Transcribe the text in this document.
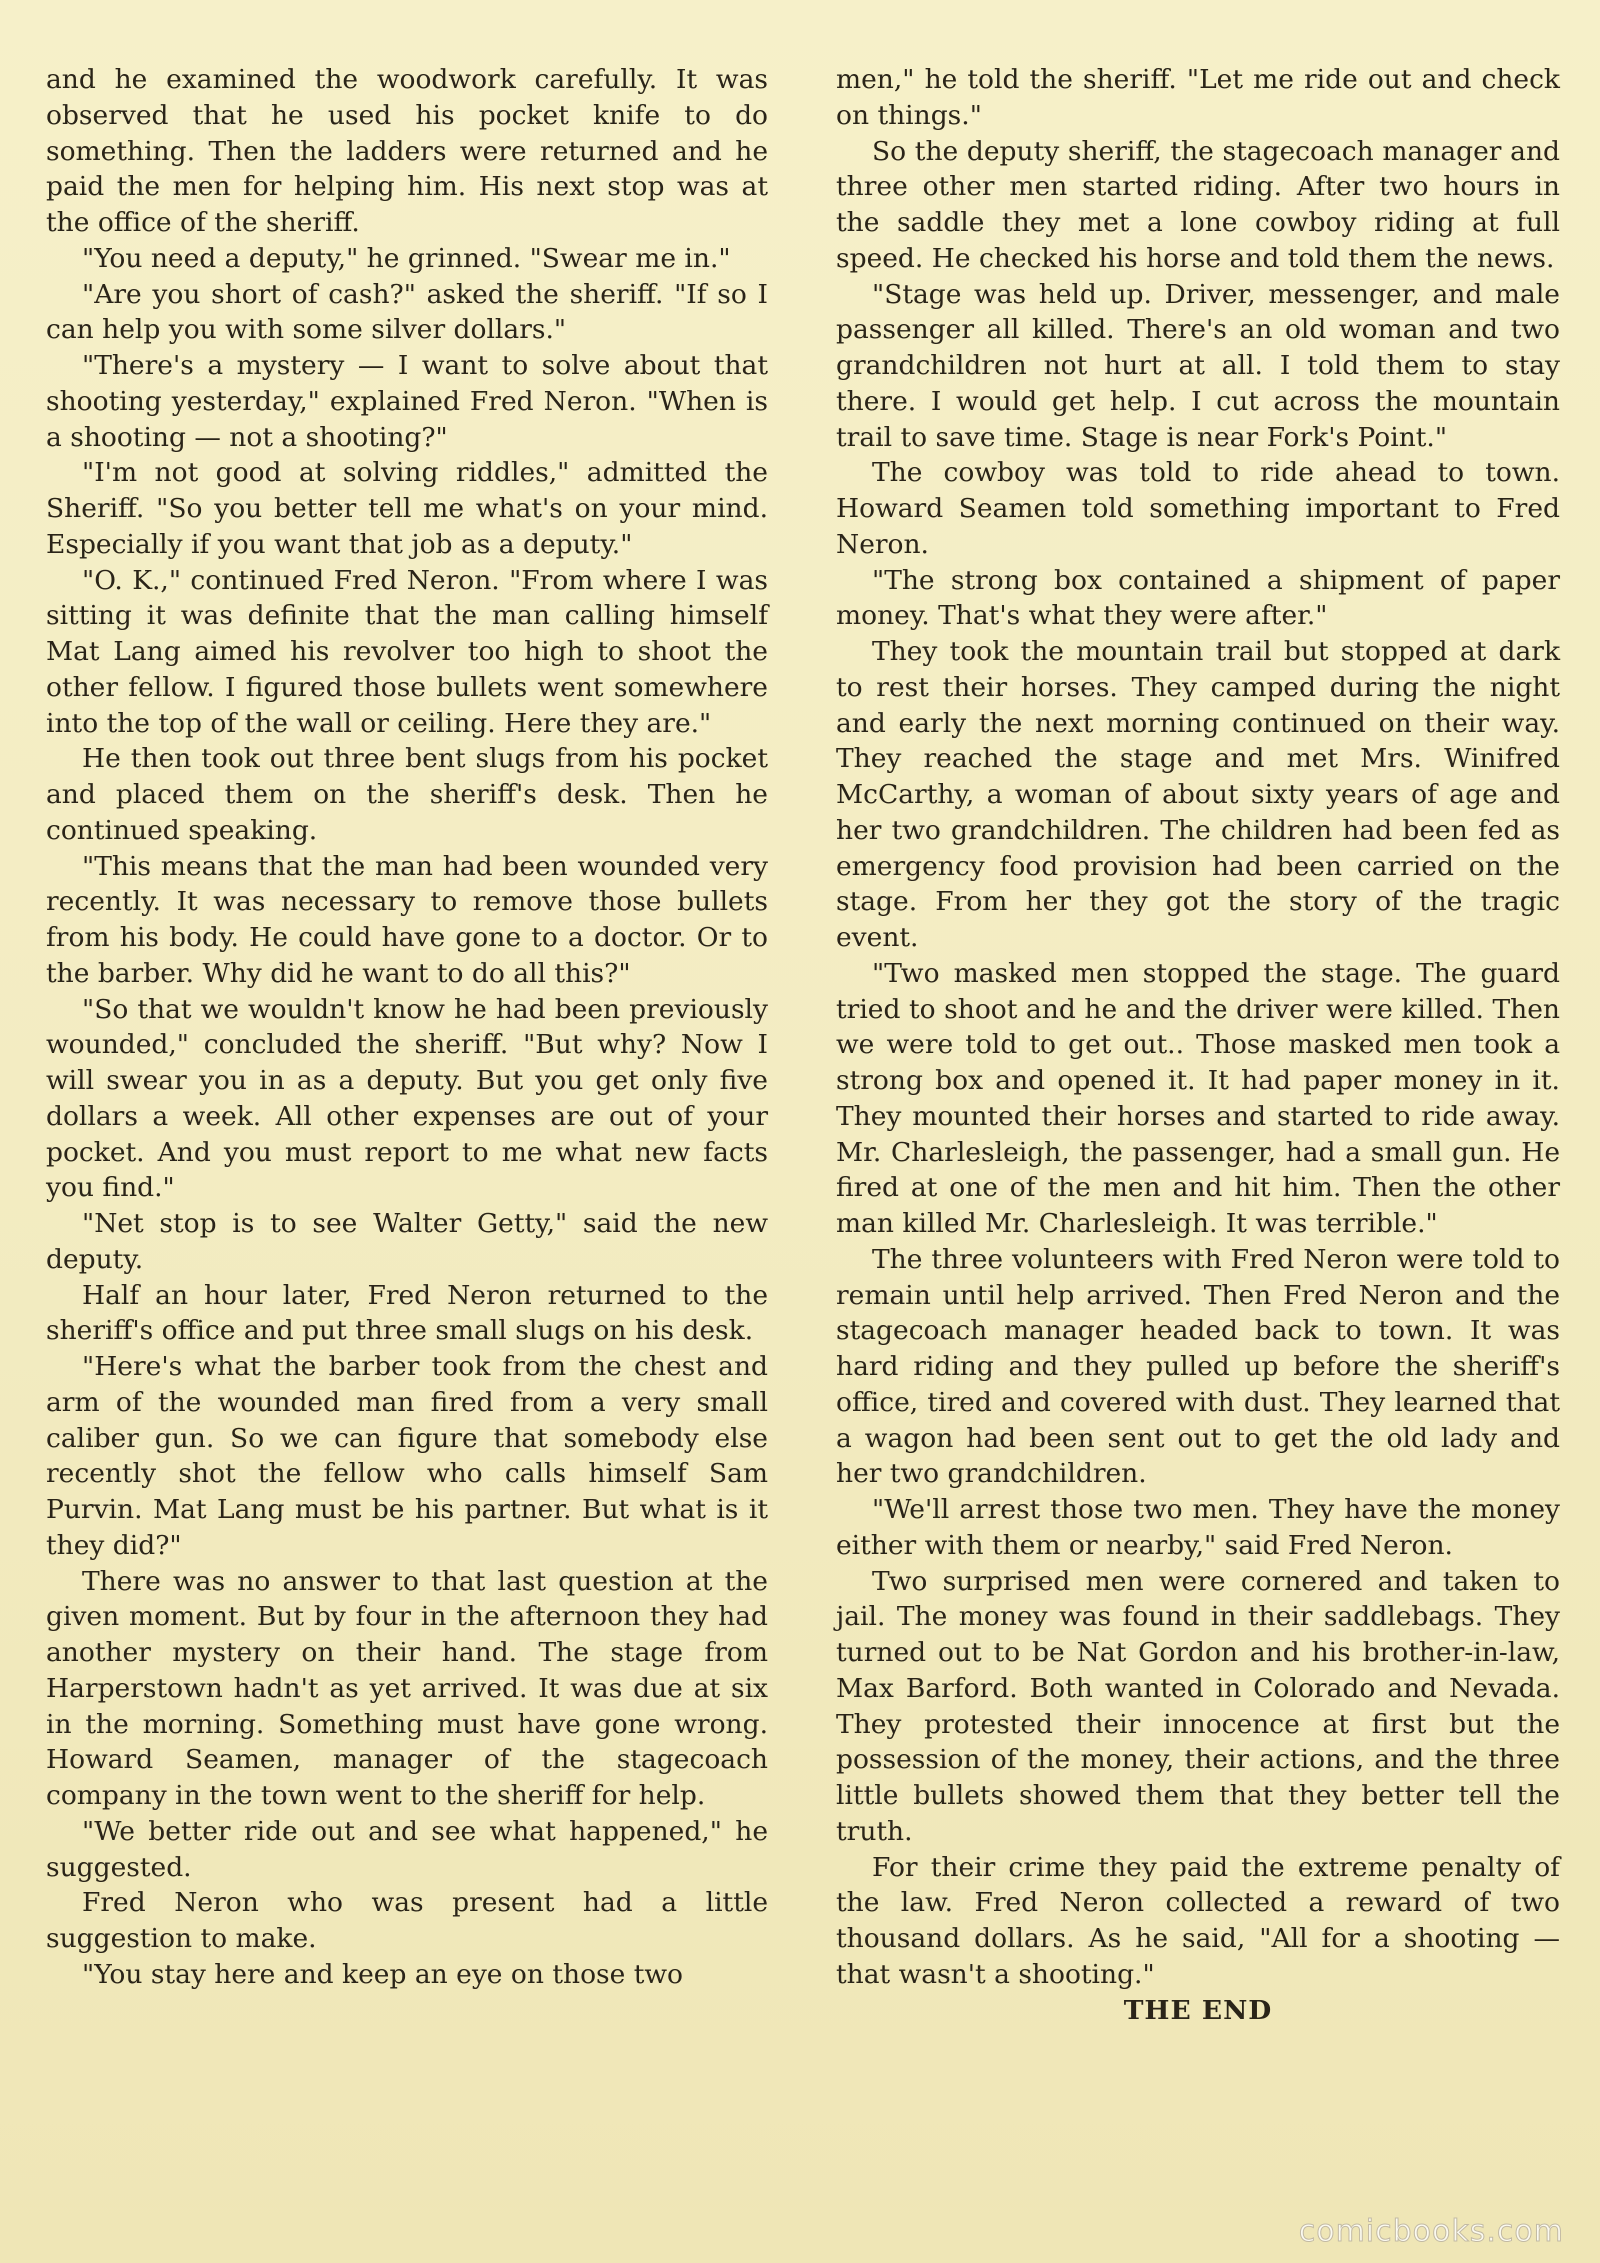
and he examined the woodwork carefully. It was observed that he used his pocket knife to do something. Then the ladders were returned and he paid the men for helping him. His next stop was at the office of the sheriff.

"You need a deputy," he grinned. "Swear me in."

"Are you short of cash?" asked the sheriff. "If so I can help you with some silver dollars."

"There's a mystery — I want to solve about that shooting yesterday," explained Fred Neron. "When is a shooting — not a shooting?"

"I'm not good at solving riddles," admitted the Sheriff. "So you better tell me what's on your mind. Especially if you want that job as a deputy."

"O. K.," continued Fred Neron. "From where I was sitting it was definite that the man calling himself Mat Lang aimed his revolver too high to shoot the other fellow. I figured those bullets went somewhere into the top of the wall or ceiling. Here they are."

He then took out three bent slugs from his pocket and placed them on the sheriff's desk. Then he continued speaking.

"This means that the man had been wounded very recently. It was necessary to remove those bullets from his body. He could have gone to a doctor. Or to the barber. Why did he want to do all this?"

"So that we wouldn't know he had been previously wounded," concluded the sheriff. "But why? Now I will swear you in as a deputy. But you get only five dollars a week. All other expenses are out of your pocket. And you must report to me what new facts you find."

"Net stop is to see Walter Getty," said the new deputy.

Half an hour later, Fred Neron returned to the sheriff's office and put three small slugs on his desk.

"Here's what the barber took from the chest and arm of the wounded man fired from a very small caliber gun. So we can figure that somebody else recently shot the fellow who calls himself Sam Purvin. Mat Lang must be his partner. But what is it they did?"

There was no answer to that last question at the given moment. But by four in the afternoon they had another mystery on their hand. The stage from Harperstown hadn't as yet arrived. It was due at six in the morning. Something must have gone wrong. Howard Seamen, manager of the stagecoach company in the town went to the sheriff for help.

"We better ride out and see what happened," he suggested.

Fred Neron who was present had a little suggestion to make.

"You stay here and keep an eye on those two

men," he told the sheriff. "Let me ride out and check on things."

So the deputy sheriff, the stagecoach manager and three other men started riding. After two hours in the saddle they met a lone cowboy riding at full speed. He checked his horse and told them the news.

"Stage was held up. Driver, messenger, and male passenger all killed. There's an old woman and two grandchildren not hurt at all. I told them to stay there. I would get help. I cut across the mountain trail to save time. Stage is near Fork's Point."

The cowboy was told to ride ahead to town. Howard Seamen told something important to Fred Neron.

"The strong box contained a shipment of paper money. That's what they were after."

They took the mountain trail but stopped at dark to rest their horses. They camped during the night and early the next morning continued on their way. They reached the stage and met Mrs. Winifred McCarthy, a woman of about sixty years of age and her two grandchildren. The children had been fed as emergency food provision had been carried on the stage. From her they got the story of the tragic event.

"Two masked men stopped the stage. The guard tried to shoot and he and the driver were killed. Then we were told to get out.. Those masked men took a strong box and opened it. It had paper money in it. They mounted their horses and started to ride away. Mr. Charlesleigh, the passenger, had a small gun. He fired at one of the men and hit him. Then the other man killed Mr. Charlesleigh. It was terrible."

The three volunteers with Fred Neron were told to remain until help arrived. Then Fred Neron and the stagecoach manager headed back to town. It was hard riding and they pulled up before the sheriff's office, tired and covered with dust. They learned that a wagon had been sent out to get the old lady and her two grandchildren.

"We'll arrest those two men. They have the money either with them or nearby," said Fred Neron.

Two surprised men were cornered and taken to jail. The money was found in their saddlebags. They turned out to be Nat Gordon and his brother-in-law, Max Barford. Both wanted in Colorado and Nevada. They protested their innocence at first but the possession of the money, their actions, and the three little bullets showed them that they better tell the truth.

For their crime they paid the extreme penalty of the law. Fred Neron collected a reward of two thousand dollars. As he said, "All for a shooting — that wasn't a shooting."

THE END

comicbooks.com
